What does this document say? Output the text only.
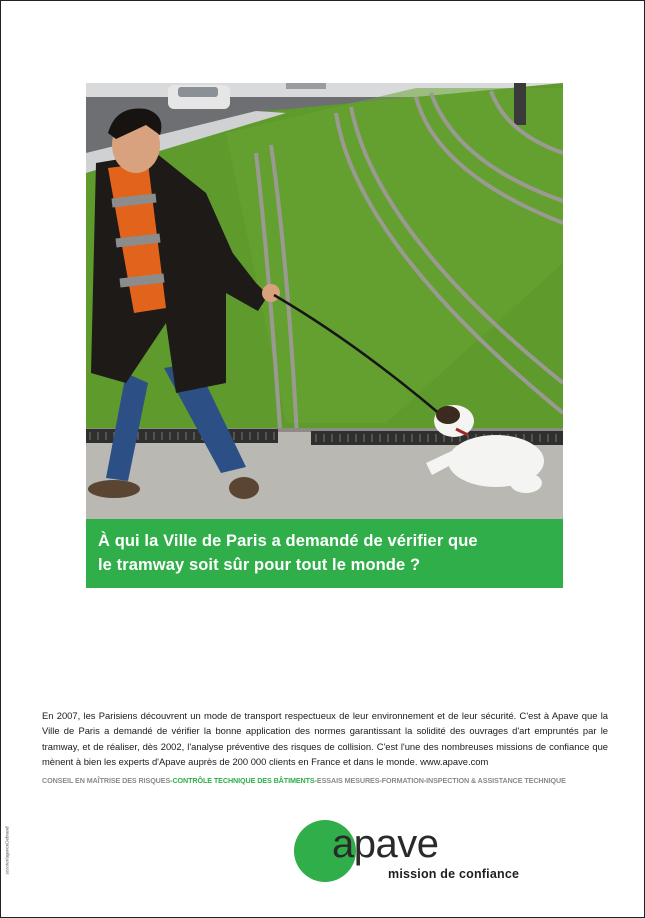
À qui la Ville de Paris a demandé de vérifier que

le tramway soit sûr pour tout le monde ?

En 2007, les Parisiens découvrent un mode de transport respectueux de leur environnement et de leur sécurité. C'est à Apave que la Ville de Paris a demandé de vérifier la bonne application des normes garantissant la solidité des ouvrages d'art empruntés par le tramway, et de réaliser, dès 2002, l'analyse préventive des risques de collision. C'est l'une des nombreuses missions de confiance que mènent à bien les experts d'Apave auprès de 200 000 clients en France et dans le monde. www.apave.com
CONSEIL EN MAÎTRISE DES RISQUES-CONTRÔLE TECHNIQUE DES BÂTIMENTS-ESSAIS MESURES-FORMATION-INSPECTION & ASSISTANCE TECHNIQUE
scooter/agenceDebrand	apave
mission de confiance
